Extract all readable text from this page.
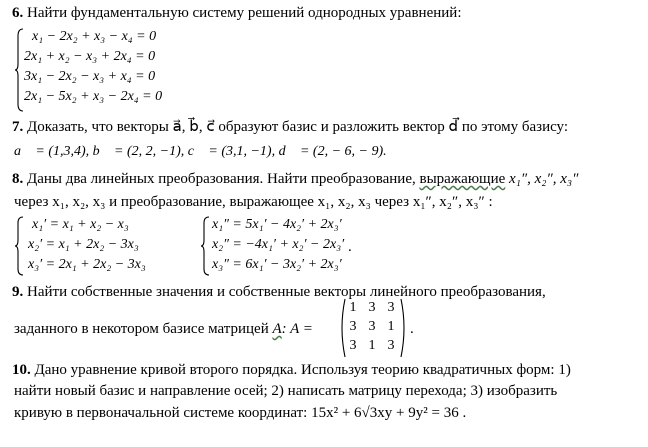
6. Найти фундаментальную систему решений однородных уравнений:
x₁ − 2x₂ + x₃ − x₄ = 0
2x₁ + x₂ − x₃ + 2x₄ = 0
3x₁ − 2x₂ − x₃ + x₄ = 0
2x₁ − 5x₂ + x₃ − 2x₄ = 0
7. Доказать, что векторы a⃗, b⃗, c⃗ образуют базис и разложить вектор d⃗ по этому базису:
a⃗ = (1,3,4), b⃗ = (2, 2, −1), c⃗ = (3,1, −1), d⃗ = (2, − 6, − 9).
8. Даны два линейных преобразования. Найти преобразование, выражающие x₁″, x₂″, x₃″
через x₁, x₂, x₃ и преобразование, выражающее x₁, x₂, x₃ через x₁″, x₂″, x₃″ :
x₁′ = x₁ + x₂ − x₃
x₂′ = x₁ + 2x₂ − 3x₃
x₃′ = 2x₁ + 2x₂ − 3x₃
x₁″ = 5x₁′ − 4x₂′ + 2x₃′
x₂″ = −4x₁′ + x₂′ − 2x₃′
x₃″ = 6x₁′ − 3x₂′ + 2x₃′
.
9. Найти собственные значения и собственные векторы линейного преобразования,
заданного в некотором базисе матрицей A: A =
1 3 3
3 3 1
3 1 3
.
10. Дано уравнение кривой второго порядка. Используя теорию квадратичных форм: 1)
найти новый базис и направление осей; 2) написать матрицу перехода; 3) изобразить
кривую в первоначальной системе координат: 15x² + 6√3xy + 9y² = 36 .
